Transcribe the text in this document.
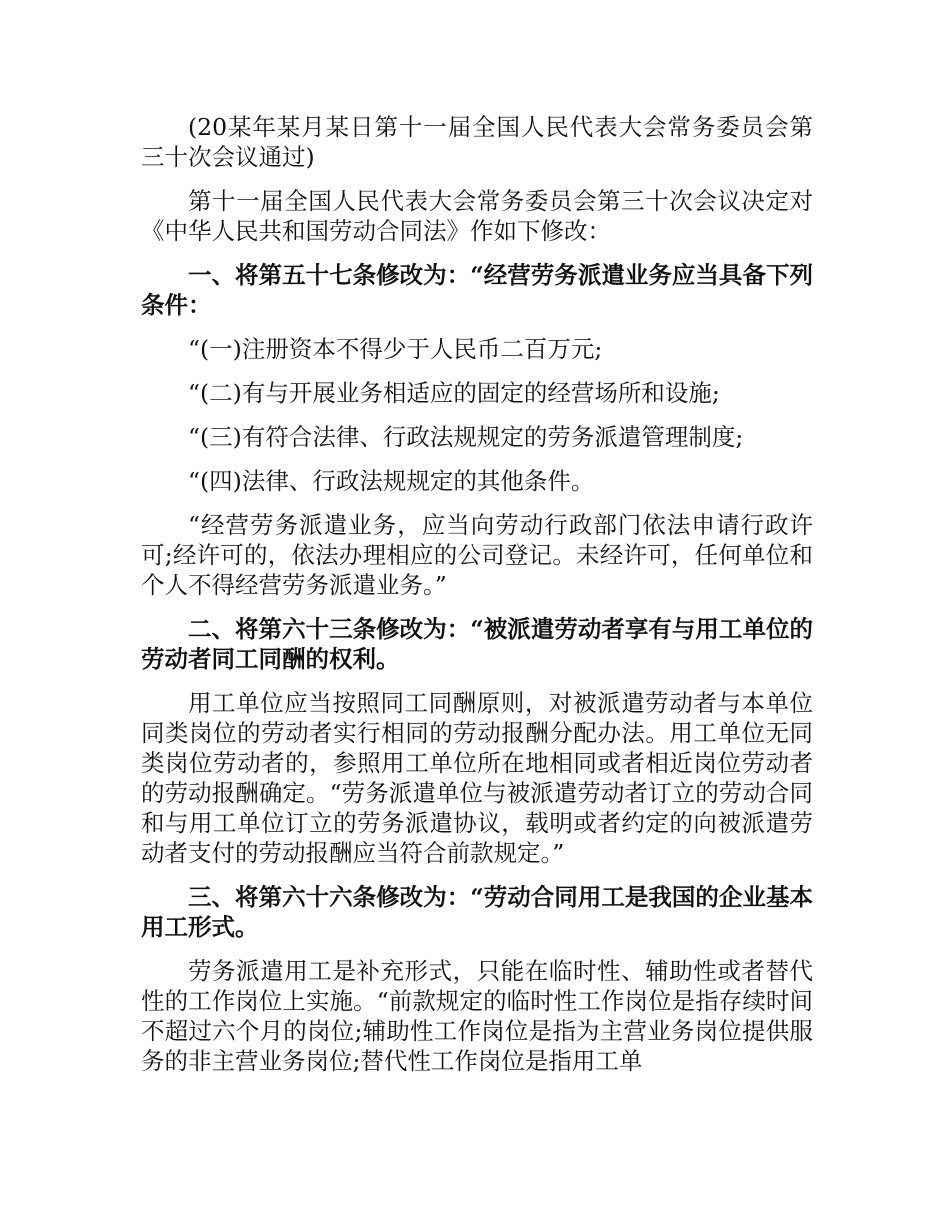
(20某年某月某日第十一届全国人民代表大会常务委员会第三十次会议通过)

第十一届全国人民代表大会常务委员会第三十次会议决定对《中华人民共和国劳动合同法》作如下修改：

一、将第五十七条修改为：“经营劳务派遣业务应当具备下列条件：

“(一)注册资本不得少于人民币二百万元;

“(二)有与开展业务相适应的固定的经营场所和设施;

“(三)有符合法律、行政法规规定的劳务派遣管理制度;

“(四)法律、行政法规规定的其他条件。

“经营劳务派遣业务，应当向劳动行政部门依法申请行政许可;经许可的，依法办理相应的公司登记。未经许可，任何单位和个人不得经营劳务派遣业务。”

二、将第六十三条修改为：“被派遣劳动者享有与用工单位的劳动者同工同酬的权利。

用工单位应当按照同工同酬原则，对被派遣劳动者与本单位同类岗位的劳动者实行相同的劳动报酬分配办法。用工单位无同类岗位劳动者的，参照用工单位所在地相同或者相近岗位劳动者的劳动报酬确定。“劳务派遣单位与被派遣劳动者订立的劳动合同和与用工单位订立的劳务派遣协议，载明或者约定的向被派遣劳动者支付的劳动报酬应当符合前款规定。”

三、将第六十六条修改为：“劳动合同用工是我国的企业基本用工形式。

劳务派遣用工是补充形式，只能在临时性、辅助性或者替代性的工作岗位上实施。“前款规定的临时性工作岗位是指存续时间不超过六个月的岗位;辅助性工作岗位是指为主营业务岗位提供服务的非主营业务岗位;替代性工作岗位是指用工单
